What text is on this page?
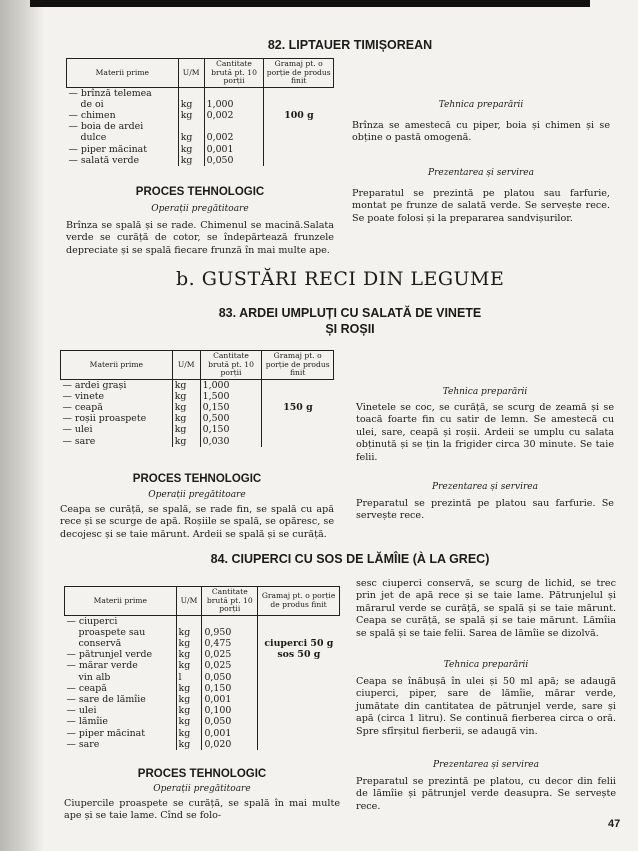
82. LIPTAUER TIMIȘOREAN
Materii prime	U/M	Cantitate brută pt. 10 porții	Gramaj pt. o porție de produs finit
— brînză telemea			
de oi	kg	1,000	
— chimen	kg	0,002	100 g
— boia de ardei			
dulce	kg	0,002	
— piper măcinat	kg	0,001	
— salată verde	kg	0,050	
PROCES TEHNOLOGIC
Operații pregătitoare
Brînza se spală și se rade. Chimenul se macină.Salata verde se curăță de cotor, se îndepărtează frunzele depreciate și se spală fiecare frunză în mai multe ape.
Tehnica preparării
Brînza se amestecă cu piper, boia și chimen și se obține o pastă omogenă.
Prezentarea și servirea
Preparatul se prezintă pe platou sau farfurie, montat pe frunze de salată verde. Se servește rece. Se poate folosi și la prepararea sandvișurilor.
b. GUSTĂRI RECI DIN LEGUME
83. ARDEI UMPLUȚI CU SALATĂ DE VINETE
ȘI ROȘII
Materii prime	U/M	Cantitate brută pt. 10 porții	Gramaj pt. o porție de produs finit
— ardei grași	kg	1,000	
— vinete	kg	1,500	
— ceapă	kg	0,150	150 g
— roșii proaspete	kg	0,500	
— ulei	kg	0,150	
— sare	kg	0,030	
PROCES TEHNOLOGIC
Operații pregătitoare
Ceapa se curăță, se spală, se rade fin, se spală cu apă rece și se scurge de apă. Roșiile se spală, se opăresc, se decojesc și se taie mărunt. Ardeii se spală și se curăță.
Tehnica preparării
Vinetele se coc, se curăță, se scurg de zeamă și se toacă foarte fin cu satir de lemn. Se amestecă cu ulei, sare, ceapă și roșii. Ardeii se umplu cu salata obținută și se țin la frigider circa 30 minute. Se taie felii.
Prezentarea și servirea
Preparatul se prezintă pe platou sau farfurie. Se servește rece.
84. CIUPERCI CU SOS DE LĂMÎIE (À LA GREC)
Materii prime	U/M	Cantitate brută pt. 10 porții	Gramaj pt. o porție de produs finit
— ciuperci			
proaspete sau	kg	0,950	
conservă	kg	0,475	ciuperci 50 g
— pătrunjel verde	kg	0,025	sos 50 g
— mărar verde	kg	0,025	
vin alb	l	0,050	
— ceapă	kg	0,150	
— sare de lămîie	kg	0,001	
— ulei	kg	0,100	
— lămîie	kg	0,050	
— piper măcinat	kg	0,001	
— sare	kg	0,020	
PROCES TEHNOLOGIC
Operații pregătitoare
Ciupercile proaspete se curăță, se spală în mai multe ape și se taie lame. Cînd se folo-
sesc ciuperci conservă, se scurg de lichid, se trec prin jet de apă rece și se taie lame. Pătrunjelul și mărarul verde se curăță, se spală și se taie mărunt. Ceapa se curăță, se spală și se taie mărunt. Lămîia se spală și se taie felii. Sarea de lămîie se dizolvă.
Tehnica preparării
Ceapa se înăbușă în ulei și 50 ml apă; se adaugă ciuperci, piper, sare de lămîie, mărar verde, jumătate din cantitatea de pătrunjel verde, sare și apă (circa 1 litru). Se continuă fierberea circa o oră. Spre sfîrșitul fierberii, se adaugă vin.
Prezentarea și servirea
Preparatul se prezintă pe platou, cu decor din felii de lămîie și pătrunjel verde deasupra. Se servește rece.
47
